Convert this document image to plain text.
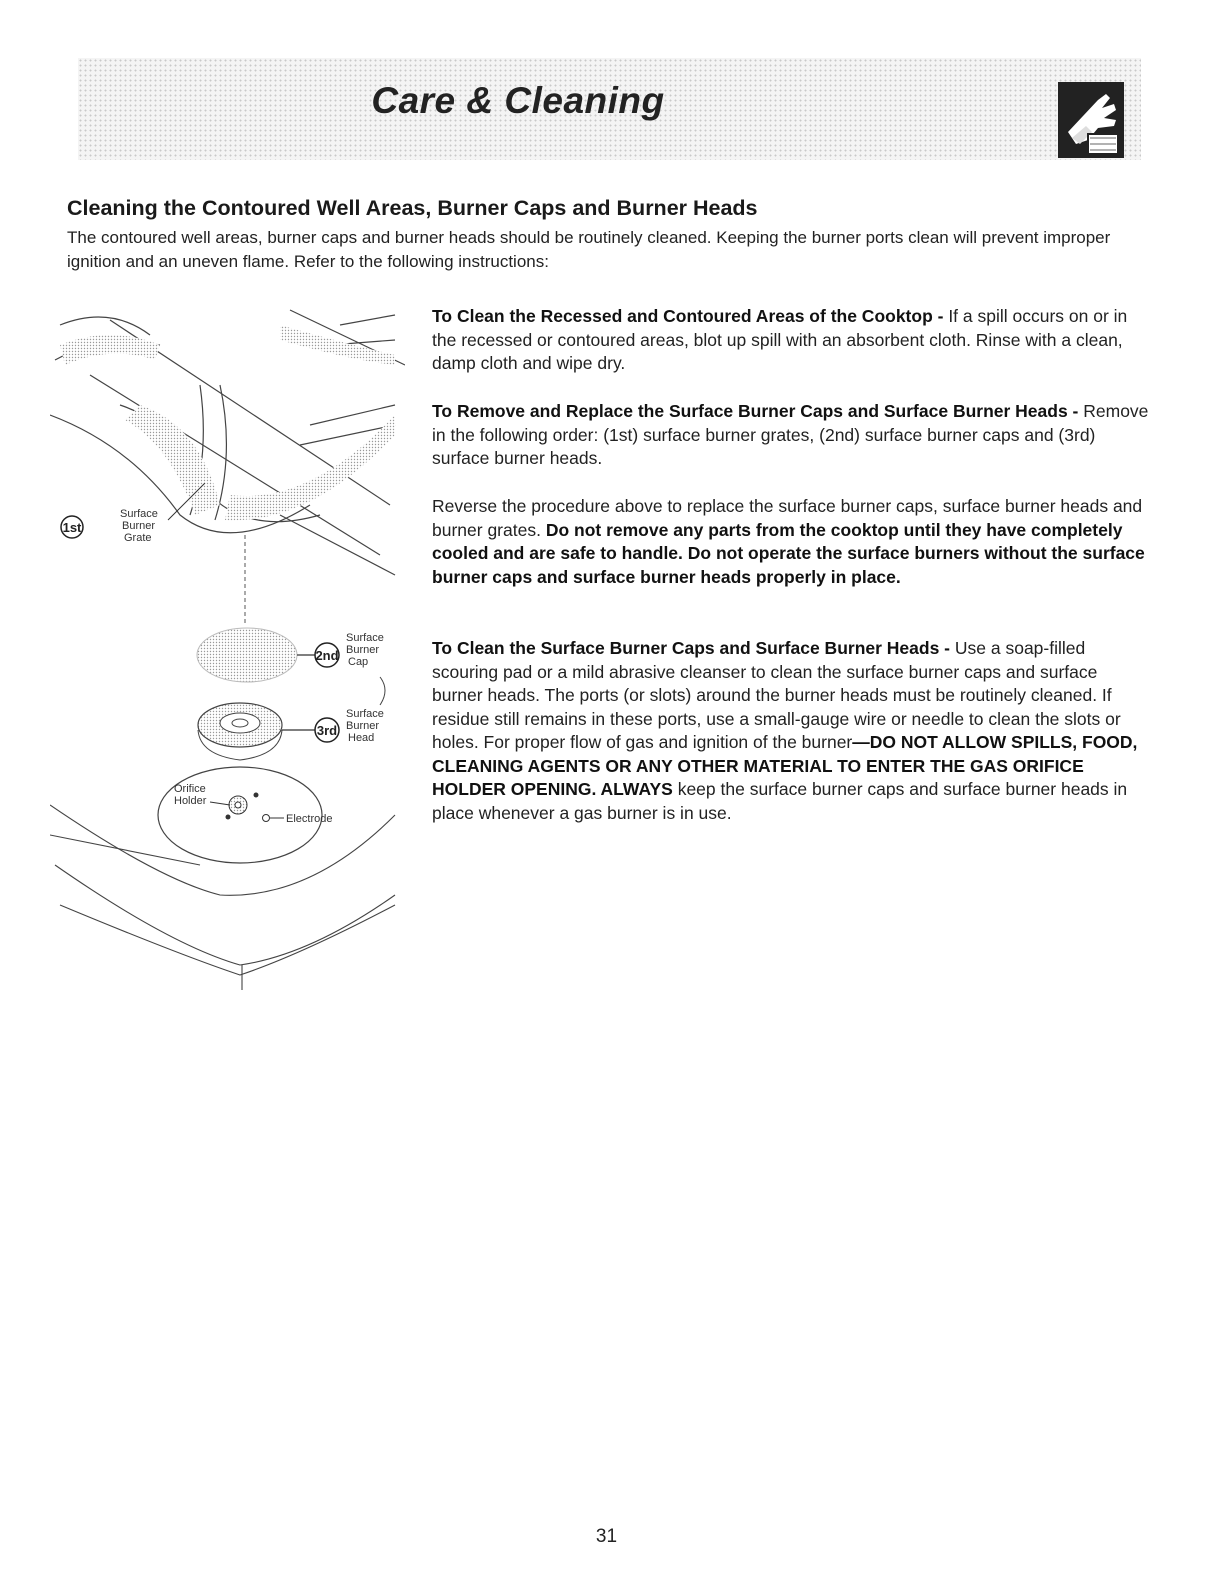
Care & Cleaning
Cleaning the Contoured Well Areas, Burner Caps and Burner Heads

The contoured well areas, burner caps and burner heads should be routinely cleaned. Keeping the burner ports clean will prevent improper ignition and an uneven flame. Refer to the following instructions:

1st
Surface
Burner
Grate
2nd
Surface
Burner
Cap
3rd
Surface
Burner
Head
Orifice
Holder
Electrode

To Clean the Recessed and Contoured Areas of the Cooktop - If a spill occurs on or in the recessed or contoured areas, blot up spill with an absorbent cloth. Rinse with a clean, damp cloth and wipe dry.

To Remove and Replace the Surface Burner Caps and Surface Burner Heads - Remove in the following order: (1st) surface burner grates, (2nd) surface burner caps and (3rd) surface burner heads.

Reverse the procedure above to replace the surface burner caps, surface burner heads and burner grates. Do not remove any parts from the cooktop until they have completely cooled and are safe to handle. Do not operate the surface burners without the surface burner caps and surface burner heads properly in place.

To Clean the Surface Burner Caps and Surface Burner Heads - Use a soap-filled scouring pad or a mild abrasive cleanser to clean the surface burner caps and surface burner heads. The ports (or slots) around the burner heads must be routinely cleaned. If residue still remains in these ports, use a small-gauge wire or needle to clean the slots or holes. For proper flow of gas and ignition of the burner—DO NOT ALLOW SPILLS, FOOD, CLEANING AGENTS OR ANY OTHER MATERIAL TO ENTER THE GAS ORIFICE HOLDER OPENING. ALWAYS keep the surface burner caps and surface burner heads in place whenever a gas burner is in use.

31
